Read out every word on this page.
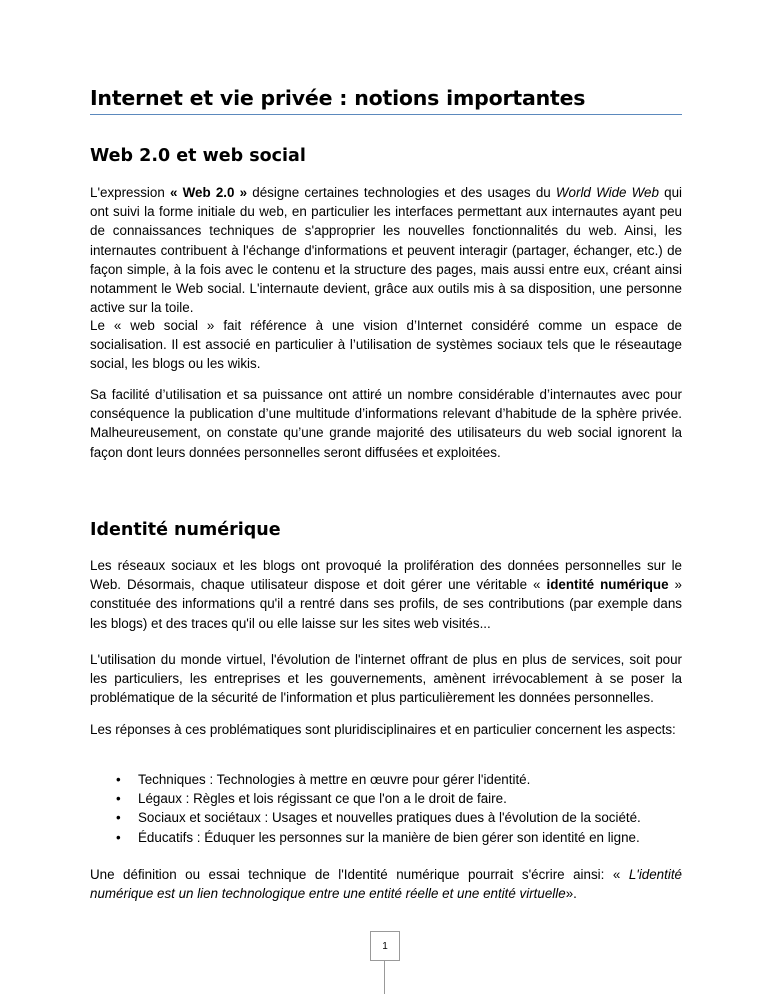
Internet et vie privée : notions importantes
Web 2.0 et web social

L'expression « Web 2.0 » désigne certaines technologies et des usages du World Wide Web qui ont suivi la forme initiale du web, en particulier les interfaces permettant aux internautes ayant peu de connaissances techniques de s'approprier les nouvelles fonctionnalités du web. Ainsi, les internautes contribuent à l'échange d'informations et peuvent interagir (partager, échanger, etc.) de façon simple, à la fois avec le contenu et la structure des pages, mais aussi entre eux, créant ainsi notamment le Web social. L'internaute devient, grâce aux outils mis à sa disposition, une personne active sur la toile.

Le « web social » fait référence à une vision d’Internet considéré comme un espace de socialisation. Il est associé en particulier à l’utilisation de systèmes sociaux tels que le réseautage social, les blogs ou les wikis.

Sa facilité d’utilisation et sa puissance ont attiré un nombre considérable d’internautes avec pour conséquence la publication d’une multitude d’informations relevant d’habitude de la sphère privée. Malheureusement, on constate qu’une grande majorité des utilisateurs du web social ignorent la façon dont leurs données personnelles seront diffusées et exploitées.

Identité numérique

Les réseaux sociaux et les blogs ont provoqué la prolifération des données personnelles sur le Web. Désormais, chaque utilisateur dispose et doit gérer une véritable « identité numérique » constituée des informations qu'il a rentré dans ses profils, de ses contributions (par exemple dans les blogs) et des traces qu'il ou elle laisse sur les sites web visités...

L'utilisation du monde virtuel, l'évolution de l'internet offrant de plus en plus de services, soit pour les particuliers, les entreprises et les gouvernements, amènent irrévocablement à se poser la problématique de la sécurité de l'information et plus particulièrement les données personnelles.

Les réponses à ces problématiques sont pluridisciplinaires et en particulier concernent les aspects:

• Techniques : Technologies à mettre en œuvre pour gérer l'identité.
• Légaux : Règles et lois régissant ce que l'on a le droit de faire.
• Sociaux et sociétaux : Usages et nouvelles pratiques dues à l'évolution de la société.
• Éducatifs : Éduquer les personnes sur la manière de bien gérer son identité en ligne.

Une définition ou essai technique de l'Identité numérique pourrait s'écrire ainsi: « L'identité numérique est un lien technologique entre une entité réelle et une entité virtuelle».

1
